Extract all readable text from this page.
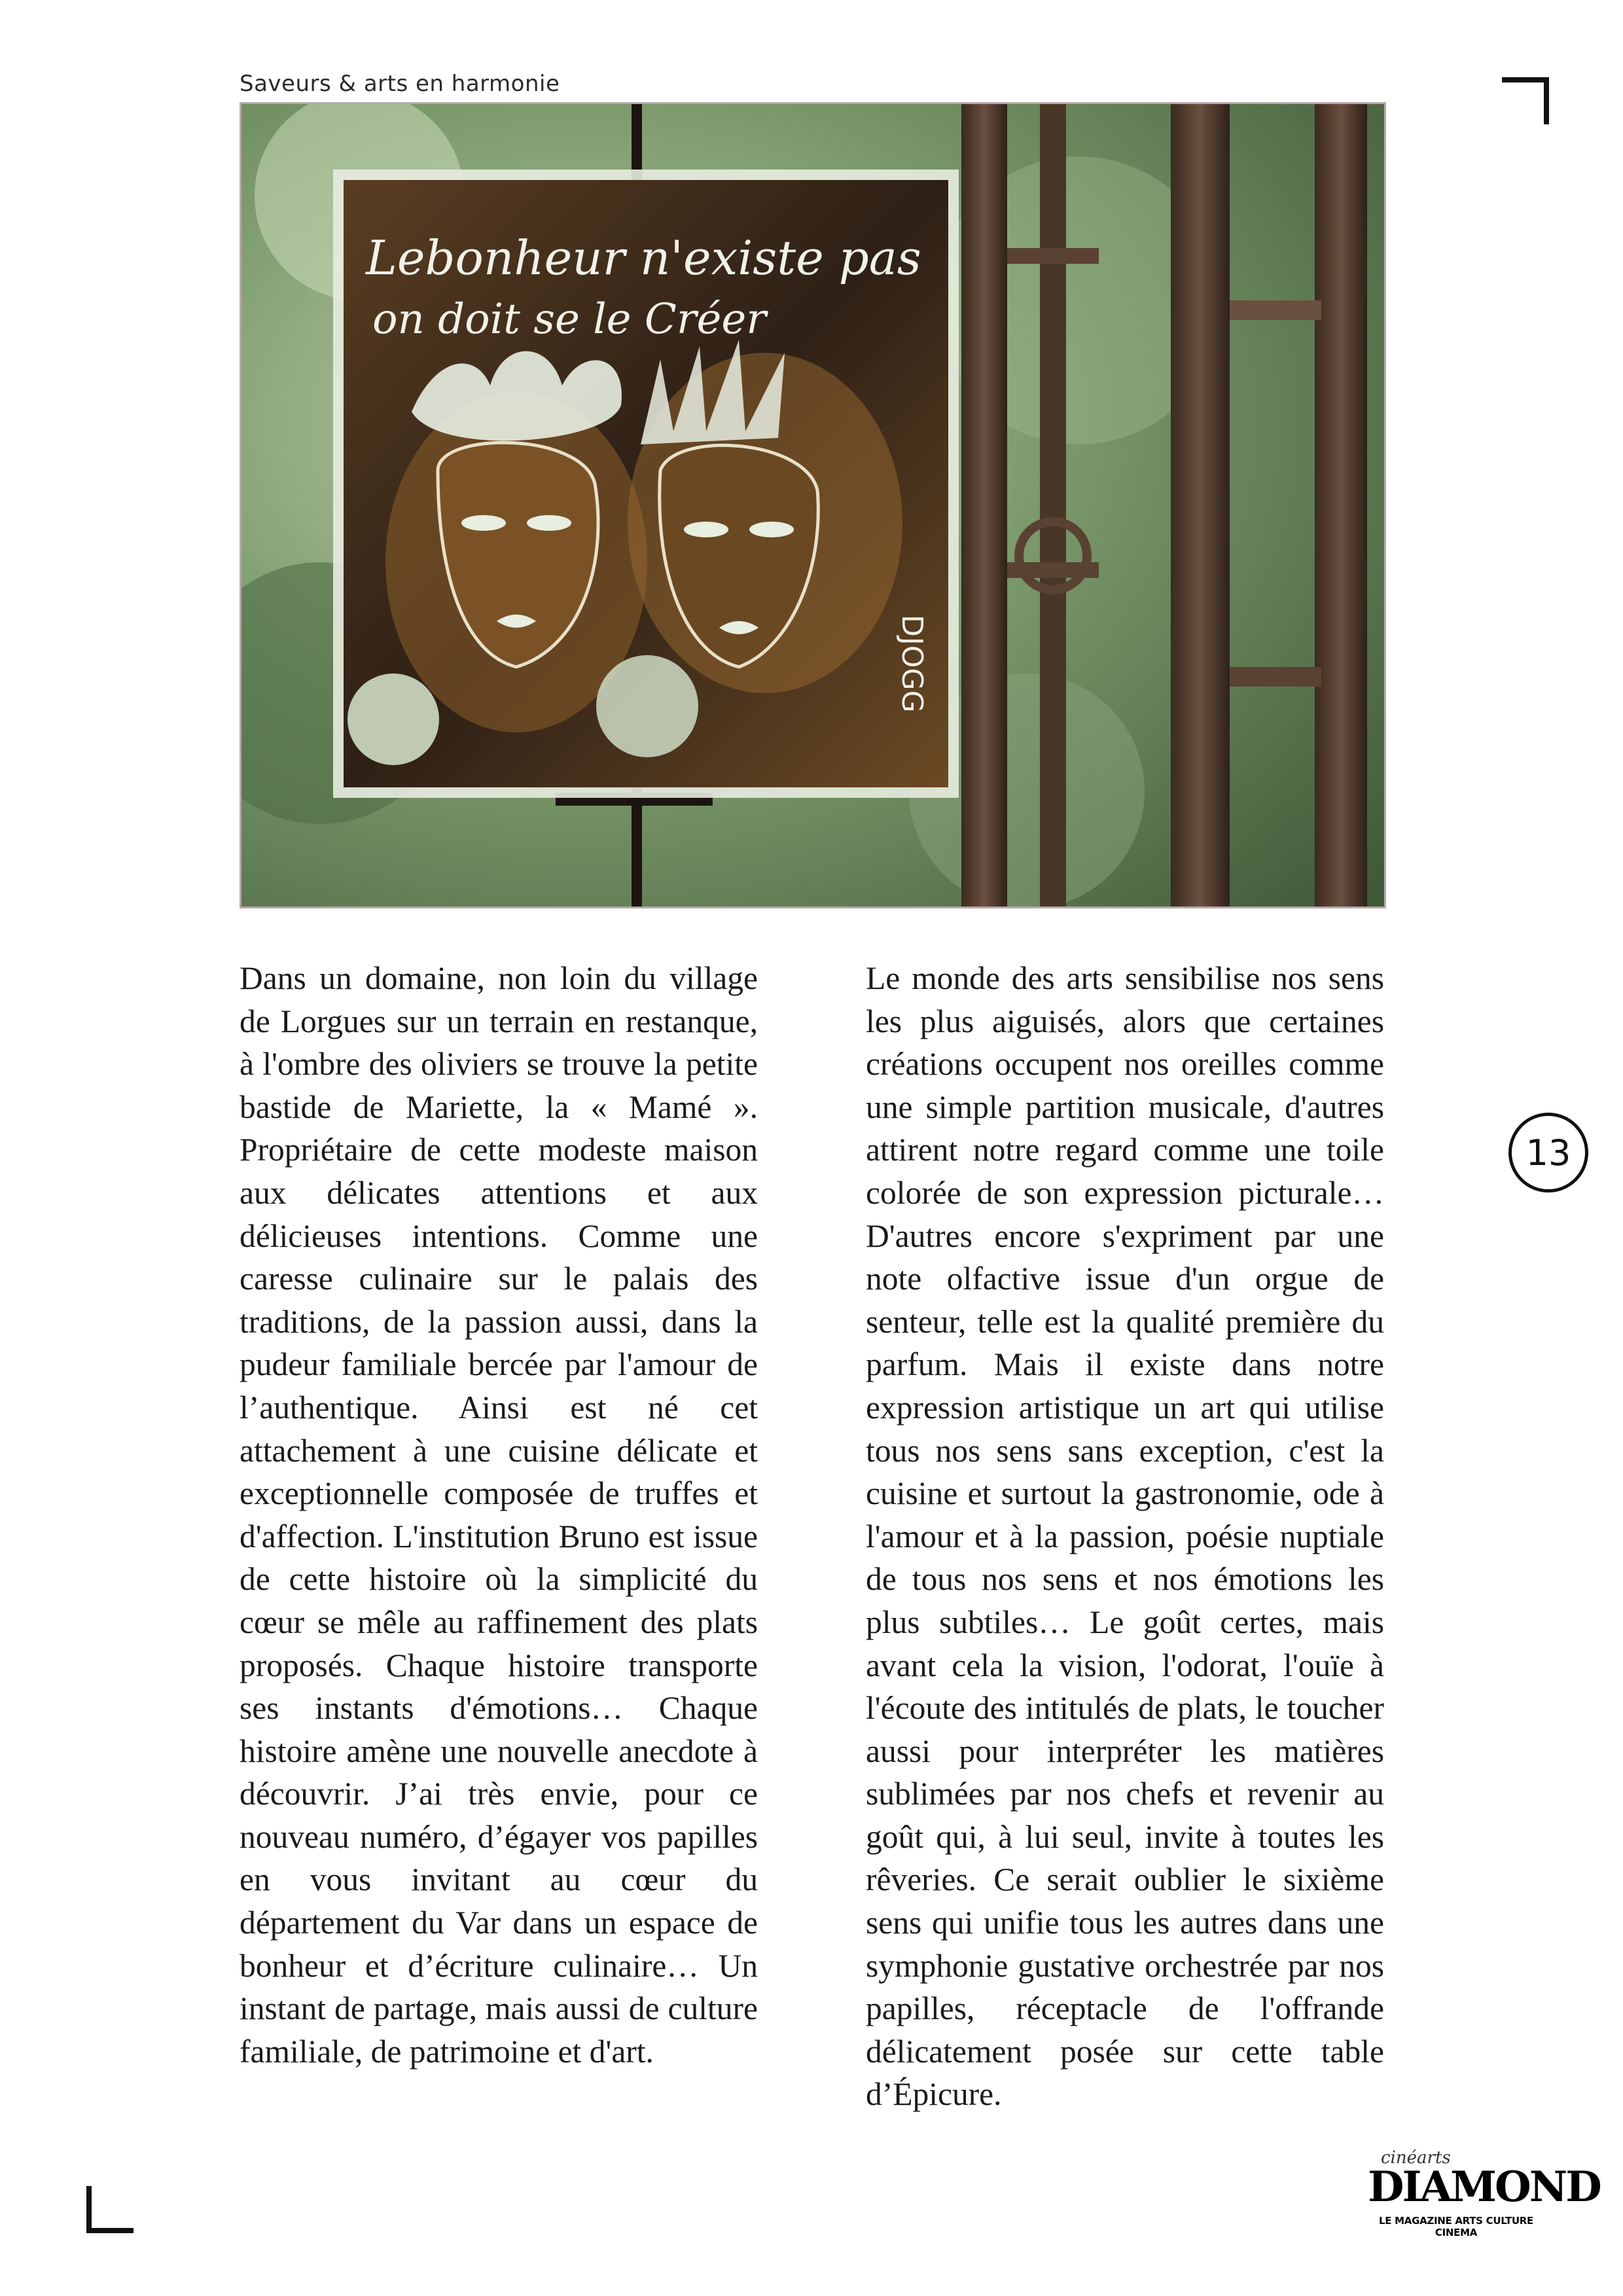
Saveurs & arts en harmonie
13
Lebonheur n'existe pas
on doit se le Créer
DJOGG

Dans un domaine, non loin du village de Lorgues sur un terrain en restanque, à l'ombre des oliviers se trouve la petite bastide de Mariette, la « Mamé ». Propriétaire de cette modeste maison aux délicates attentions et aux délicieuses intentions. Comme une caresse culinaire sur le palais des traditions, de la passion aussi, dans la pudeur familiale bercée par l'amour de l’authentique. Ainsi est né cet attachement à une cuisine délicate et exceptionnelle composée de truffes et d'affection. L'institution Bruno est issue de cette histoire où la simplicité du cœur se mêle au raffinement des plats proposés. Chaque histoire transporte ses instants d'émotions… Chaque histoire amène une nouvelle anecdote à découvrir. J’ai très envie, pour ce nouveau numéro, d’égayer vos papilles en vous invitant au cœur du département du Var dans un espace de bonheur et d’écriture culinaire… Un instant de partage, mais aussi de culture familiale, de patrimoine et d'art.

Le monde des arts sensibilise nos sens les plus aiguisés, alors que certaines créations occupent nos oreilles comme une simple partition musicale, d'autres attirent notre regard comme une toile colorée de son expression picturale… D'autres encore s'expriment par une note olfactive issue d'un orgue de senteur, telle est la qualité première du parfum. Mais il existe dans notre expression artistique un art qui utilise tous nos sens sans exception, c'est la cuisine et surtout la gastronomie, ode à l'amour et à la passion, poésie nuptiale de tous nos sens et nos émotions les plus subtiles… Le goût certes, mais avant cela la vision, l'odorat, l'ouïe à l'écoute des intitulés de plats, le toucher aussi pour interpréter les matières sublimées par nos chefs et revenir au goût qui, à lui seul, invite à toutes les rêveries. Ce serait oublier le sixième sens qui unifie tous les autres dans une symphonie gustative orchestrée par nos papilles, réceptacle de l'offrande délicatement posée sur cette table d’Épicure.

cinéarts
DIAMOND
LE MAGAZINE ARTS CULTURE CINEMA
